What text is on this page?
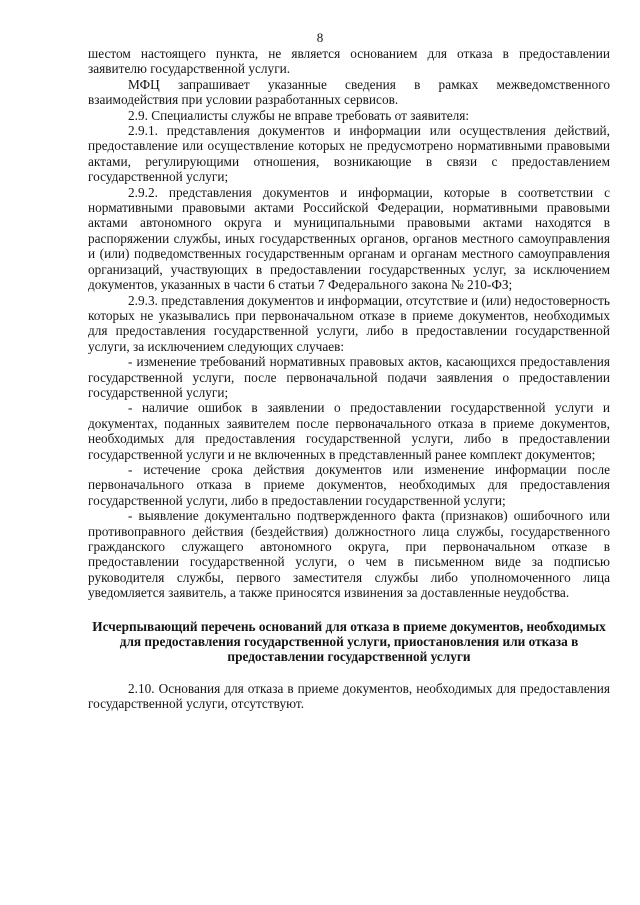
8

шестом настоящего пункта, не является основанием для отказа в предоставлении заявителю государственной услуги.

МФЦ запрашивает указанные сведения в рамках межведомственного взаимодействия при условии разработанных сервисов.

2.9. Специалисты службы не вправе требовать от заявителя:

2.9.1. представления документов и информации или осуществления действий, предоставление или осуществление которых не предусмотрено нормативными правовыми актами, регулирующими отношения, возникающие в связи с предоставлением государственной услуги;

2.9.2. представления документов и информации, которые в соответствии с нормативными правовыми актами Российской Федерации, нормативными правовыми актами автономного округа и муниципальными правовыми актами находятся в распоряжении службы, иных государственных органов, органов местного самоуправления и (или) подведомственных государственным органам и органам местного самоуправления организаций, участвующих в предоставлении государственных услуг, за исключением документов, указанных в части 6 статьи 7 Федерального закона № 210-ФЗ;

2.9.3. представления документов и информации, отсутствие и (или) недостоверность которых не указывались при первоначальном отказе в приеме документов, необходимых для предоставления государственной услуги, либо в предоставлении государственной услуги, за исключением следующих случаев:

- изменение требований нормативных правовых актов, касающихся предоставления государственной услуги, после первоначальной подачи заявления о предоставлении государственной услуги;

- наличие ошибок в заявлении о предоставлении государственной услуги и документах, поданных заявителем после первоначального отказа в приеме документов, необходимых для предоставления государственной услуги, либо в предоставлении государственной услуги и не включенных в представленный ранее комплект документов;

- истечение срока действия документов или изменение информации после первоначального отказа в приеме документов, необходимых для предоставления государственной услуги, либо в предоставлении государственной услуги;

- выявление документально подтвержденного факта (признаков) ошибочного или противоправного действия (бездействия) должностного лица службы, государственного гражданского служащего автономного округа, при первоначальном отказе в предоставлении государственной услуги, о чем в письменном виде за подписью руководителя службы, первого заместителя службы либо уполномоченного лица уведомляется заявитель, а также приносятся извинения за доставленные неудобства.

Исчерпывающий перечень оснований для отказа в приеме документов, необходимых для предоставления государственной услуги, приостановления или отказа в предоставлении государственной услуги

2.10. Основания для отказа в приеме документов, необходимых для предоставления государственной услуги, отсутствуют.
